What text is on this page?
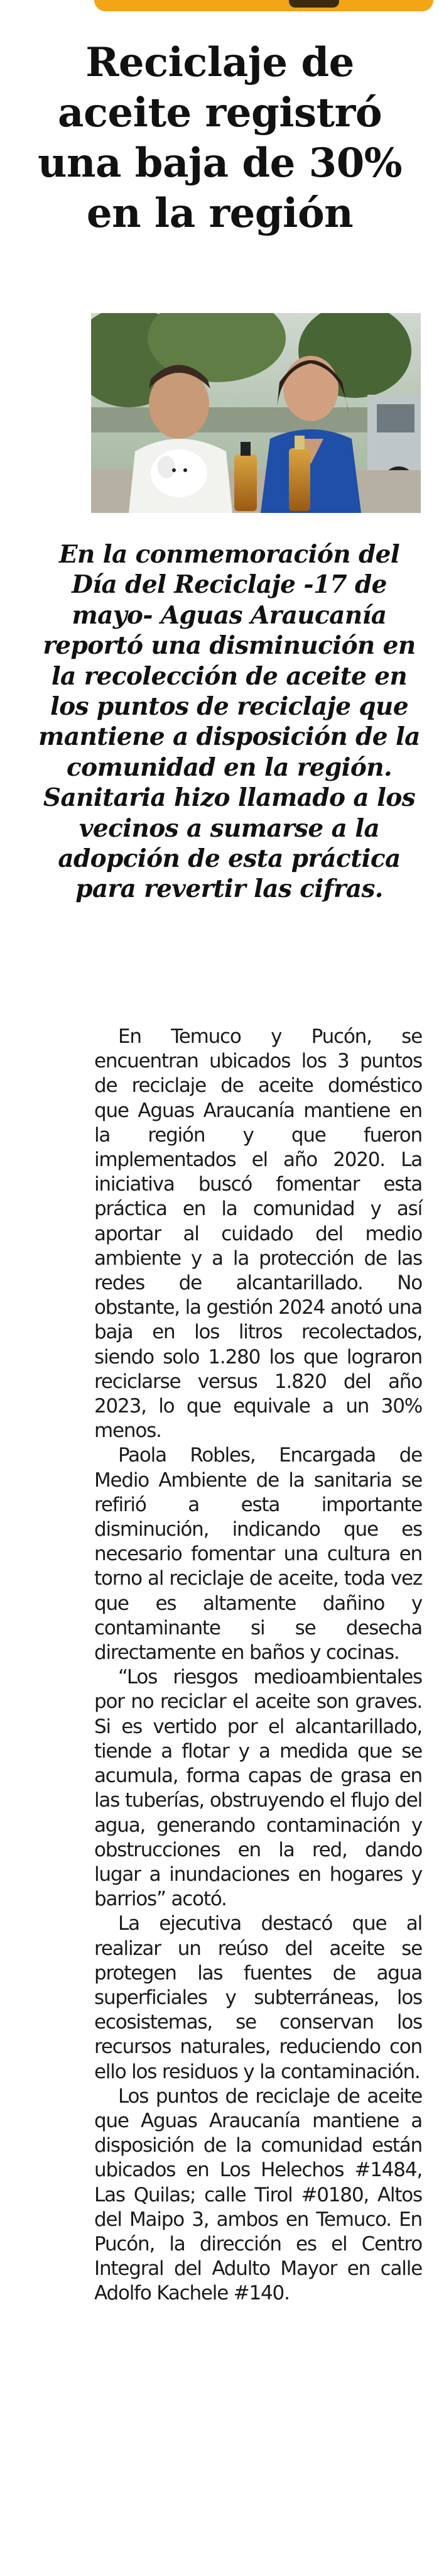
Reciclaje de aceite registró una baja de 30% en la región

En la conmemoración del Día del Reciclaje -17 de mayo- Aguas Araucanía reportó una disminución en la recolección de aceite en los puntos de reciclaje que mantiene a disposición de la comunidad en la región. Sanitaria hizo llamado a los vecinos a sumarse a la adopción de esta práctica para revertir las cifras.

En Temuco y Pucón, se encuentran ubicados los 3 puntos de reciclaje de aceite doméstico que Aguas Araucanía mantiene en la región y que fueron implementados el año 2020. La iniciativa buscó fomentar esta práctica en la comunidad y así aportar al cuidado del medio ambiente y a la protección de las redes de alcantarillado. No obstante, la gestión 2024 anotó una baja en los litros recolectados, siendo solo 1.280 los que lograron reciclarse versus 1.820 del año 2023, lo que equivale a un 30% menos.

Paola Robles, Encargada de Medio Ambiente de la sanitaria se refirió a esta importante disminución, indicando que es necesario fomentar una cultura en torno al reciclaje de aceite, toda vez que es altamente dañino y contaminante si se desecha directamente en baños y cocinas.

“Los riesgos medioambientales por no reciclar el aceite son graves. Si es vertido por el alcantarillado, tiende a flotar y a medida que se acumula, forma capas de grasa en las tuberías, obstruyendo el flujo del agua, generando contaminación y obstrucciones en la red, dando lugar a inundaciones en hogares y barrios” acotó.

La ejecutiva destacó que al realizar un reúso del aceite se protegen las fuentes de agua superficiales y subterráneas, los ecosistemas, se conservan los recursos naturales, reduciendo con ello los residuos y la contaminación.

Los puntos de reciclaje de aceite que Aguas Araucanía mantiene a disposición de la comunidad están ubicados en Los Helechos #1484, Las Quilas; calle Tirol #0180, Altos del Maipo 3, ambos en Temuco. En Pucón, la dirección es el Centro Integral del Adulto Mayor en calle Adolfo Kachele #140.
